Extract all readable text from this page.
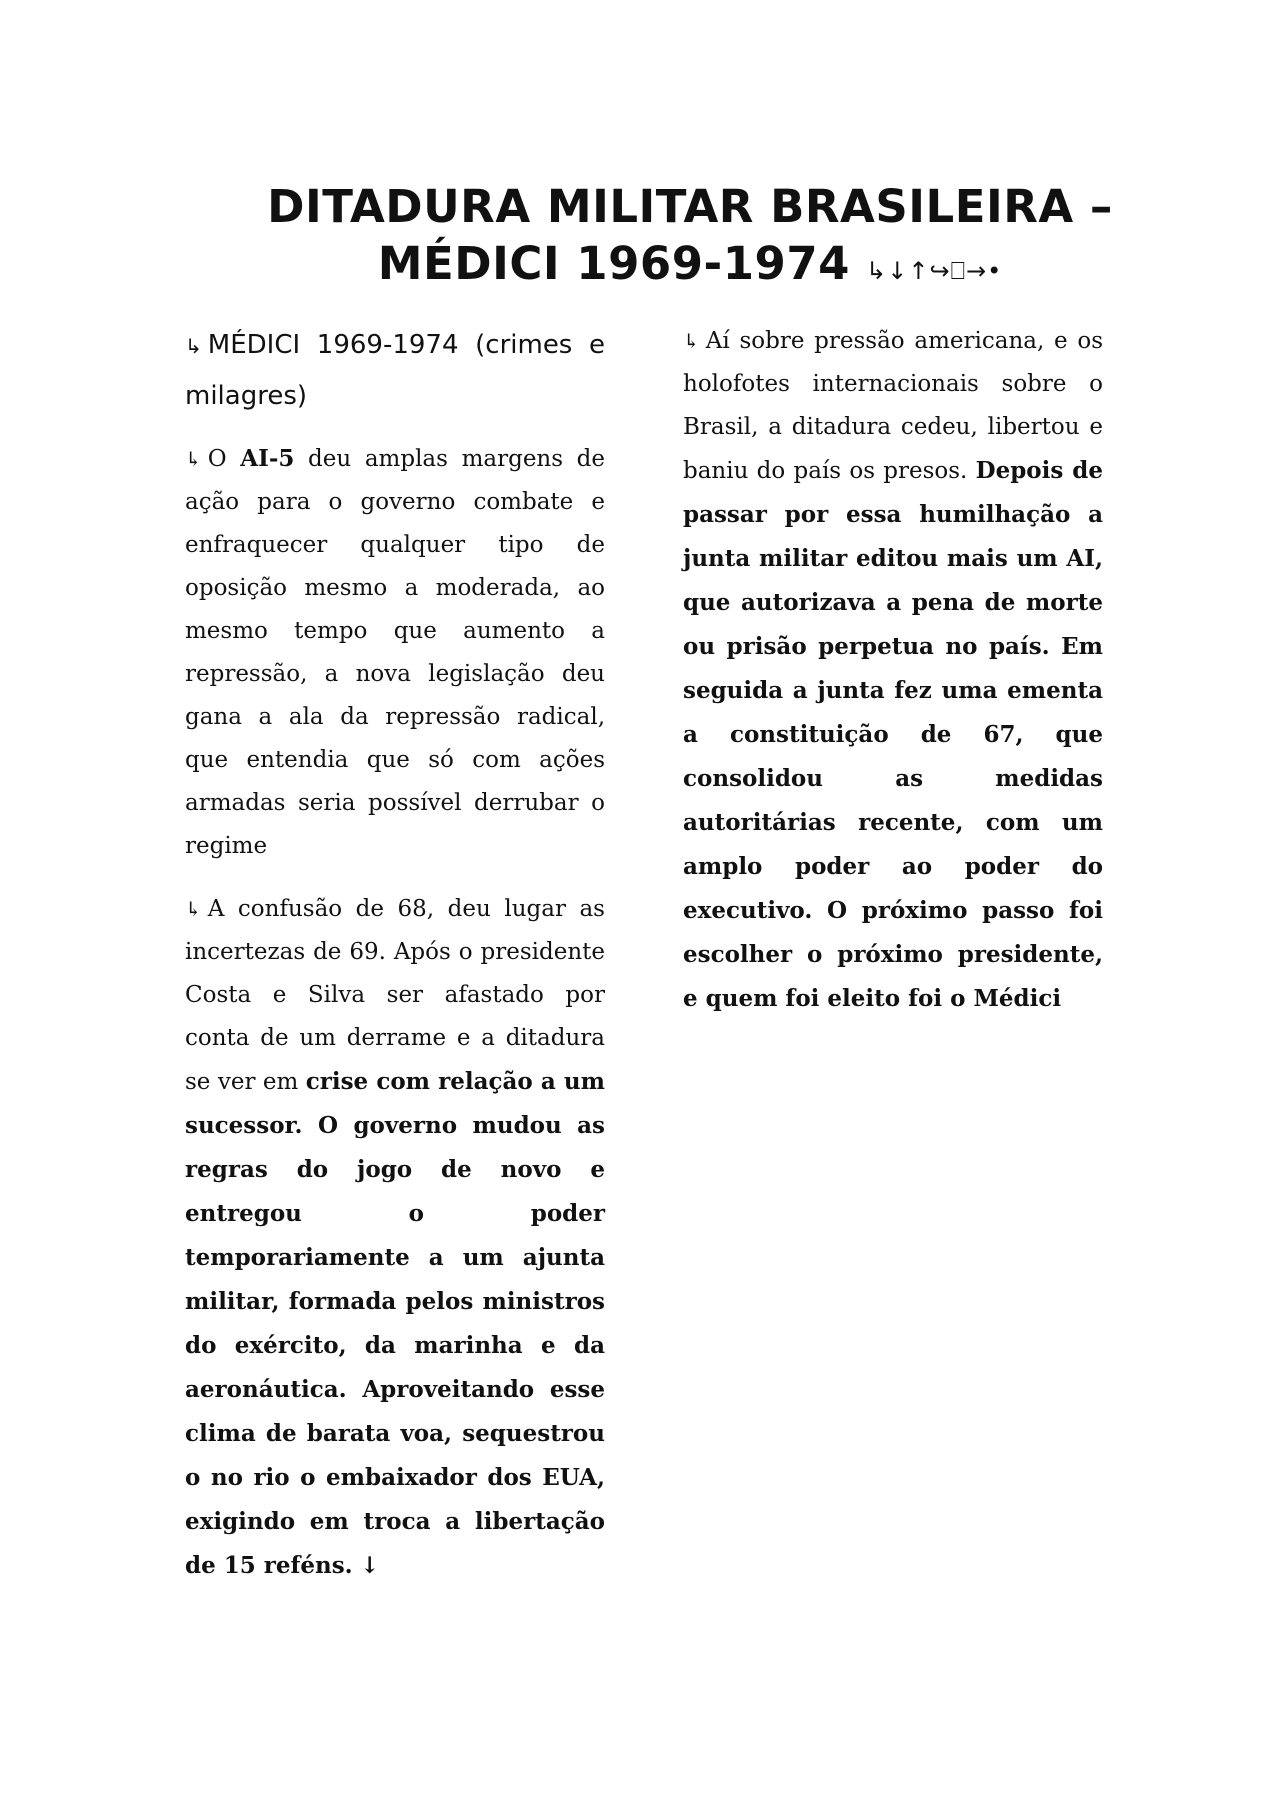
DITADURA MILITAR BRASILEIRA –
MÉDICI 1969-1974 ↳↓↑↪⎕→•

↳ MÉDICI 1969-1974 (crimes e milagres)

↳ O AI-5 deu amplas margens de ação para o governo combate e enfraquecer qualquer tipo de oposição mesmo a moderada, ao mesmo tempo que aumento a repressão, a nova legislação deu gana a ala da repressão radical, que entendia que só com ações armadas seria possível derrubar o regime

↳ A confusão de 68, deu lugar as incertezas de 69. Após o presidente Costa e Silva ser afastado por conta de um derrame e a ditadura se ver em crise com relação a um sucessor. O governo mudou as regras do jogo de novo e entregou o poder temporariamente a um ajunta militar, formada pelos ministros do exército, da marinha e da aeronáutica. Aproveitando esse clima de barata voa, sequestrou o no rio o embaixador dos EUA, exigindo em troca a libertação de 15 reféns. ↓

↳ Aí sobre pressão americana, e os holofotes internacionais sobre o Brasil, a ditadura cedeu, libertou e baniu do país os presos. Depois de passar por essa humilhação a junta militar editou mais um AI, que autorizava a pena de morte ou prisão perpetua no país. Em seguida a junta fez uma ementa a constituição de 67, que consolidou as medidas autoritárias recente, com um amplo poder ao poder do executivo. O próximo passo foi escolher o próximo presidente, e quem foi eleito foi o Médici
